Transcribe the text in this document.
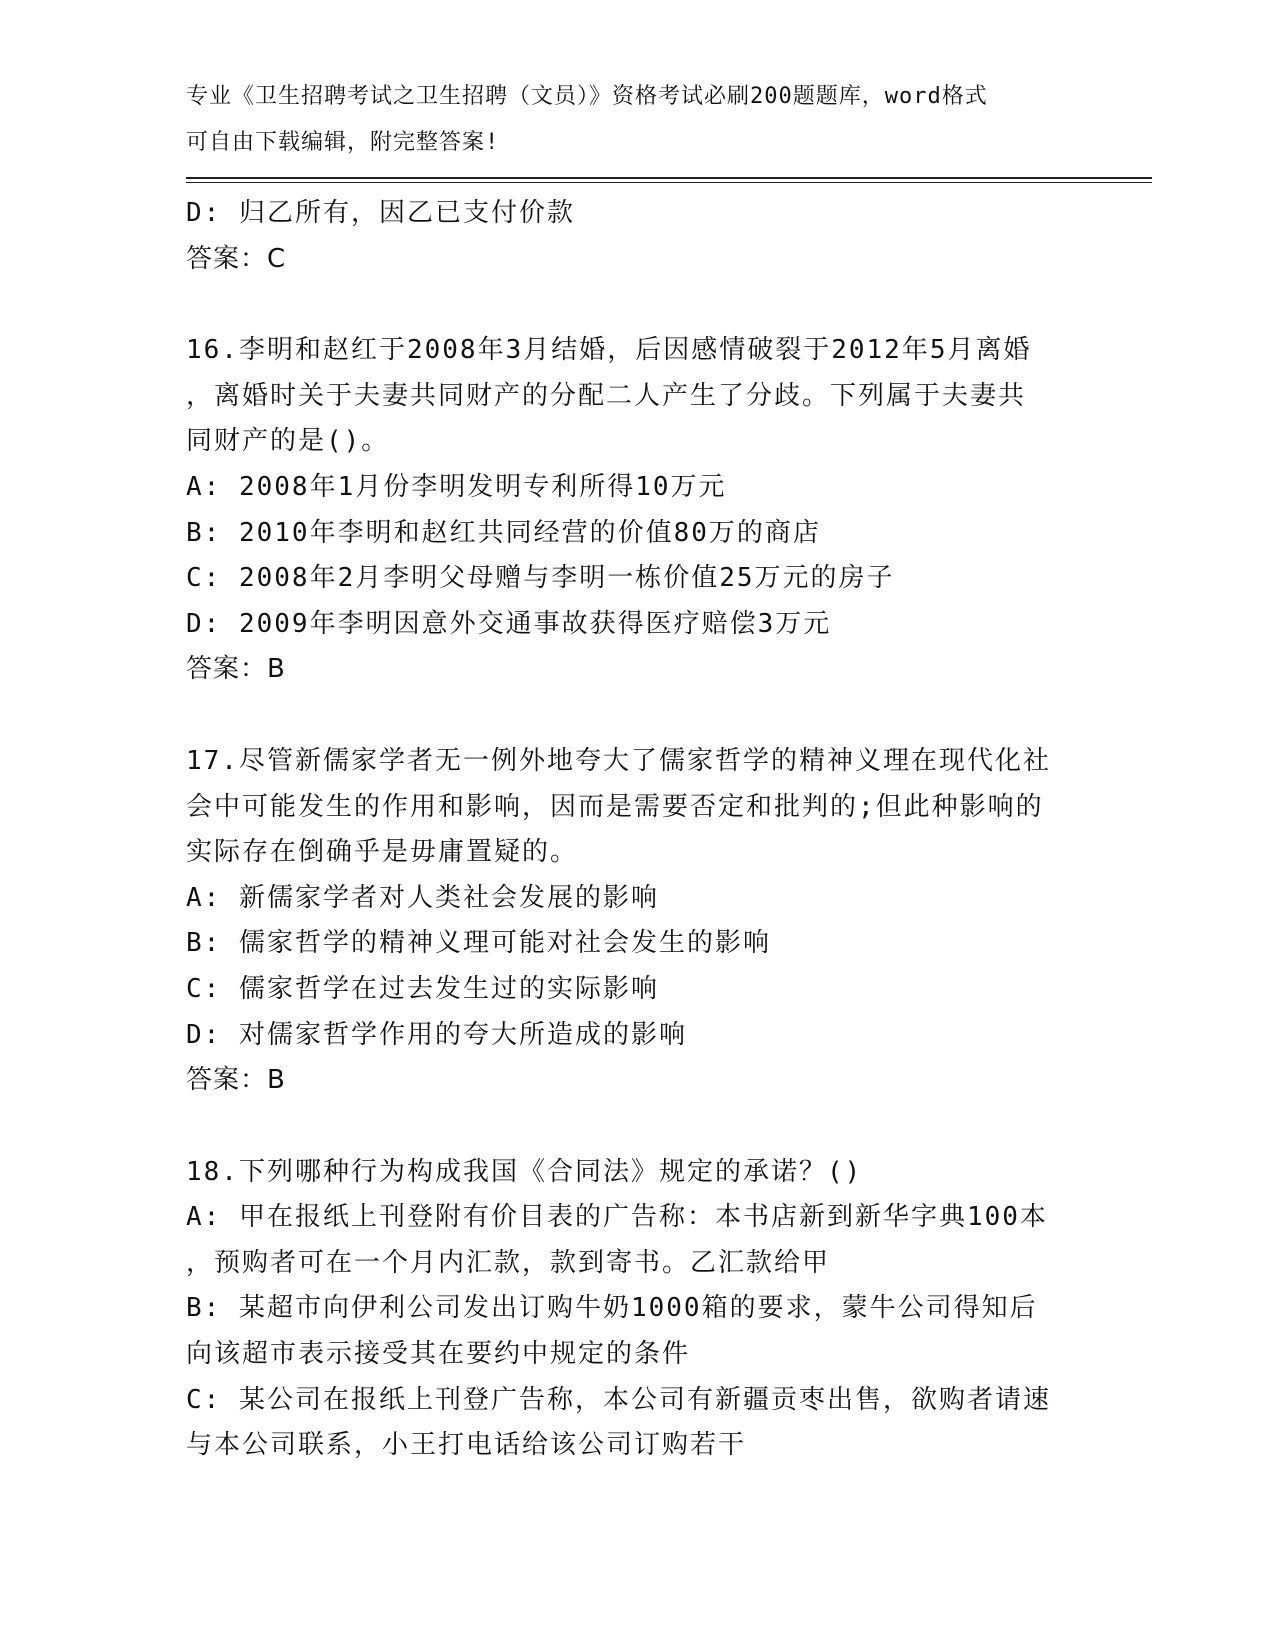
专业《卫生招聘考试之卫生招聘（文员）》资格考试必刷200题题库，word格式
可自由下载编辑，附完整答案!
D: 归乙所有，因乙已支付价款
答案：C
16.李明和赵红于2008年3月结婚，后因感情破裂于2012年5月离婚
，离婚时关于夫妻共同财产的分配二人产生了分歧。下列属于夫妻共
同财产的是()。
A: 2008年1月份李明发明专利所得10万元
B: 2010年李明和赵红共同经营的价值80万的商店
C: 2008年2月李明父母赠与李明一栋价值25万元的房子
D: 2009年李明因意外交通事故获得医疗赔偿3万元
答案：B
17.尽管新儒家学者无一例外地夸大了儒家哲学的精神义理在现代化社
会中可能发生的作用和影响，因而是需要否定和批判的;但此种影响的
实际存在倒确乎是毋庸置疑的。
A: 新儒家学者对人类社会发展的影响
B: 儒家哲学的精神义理可能对社会发生的影响
C: 儒家哲学在过去发生过的实际影响
D: 对儒家哲学作用的夸大所造成的影响
答案：B
18.下列哪种行为构成我国《合同法》规定的承诺？()
A: 甲在报纸上刊登附有价目表的广告称：本书店新到新华字典100本
，预购者可在一个月内汇款，款到寄书。乙汇款给甲
B: 某超市向伊利公司发出订购牛奶1000箱的要求，蒙牛公司得知后
向该超市表示接受其在要约中规定的条件
C: 某公司在报纸上刊登广告称，本公司有新疆贡枣出售，欲购者请速
与本公司联系，小王打电话给该公司订购若干
